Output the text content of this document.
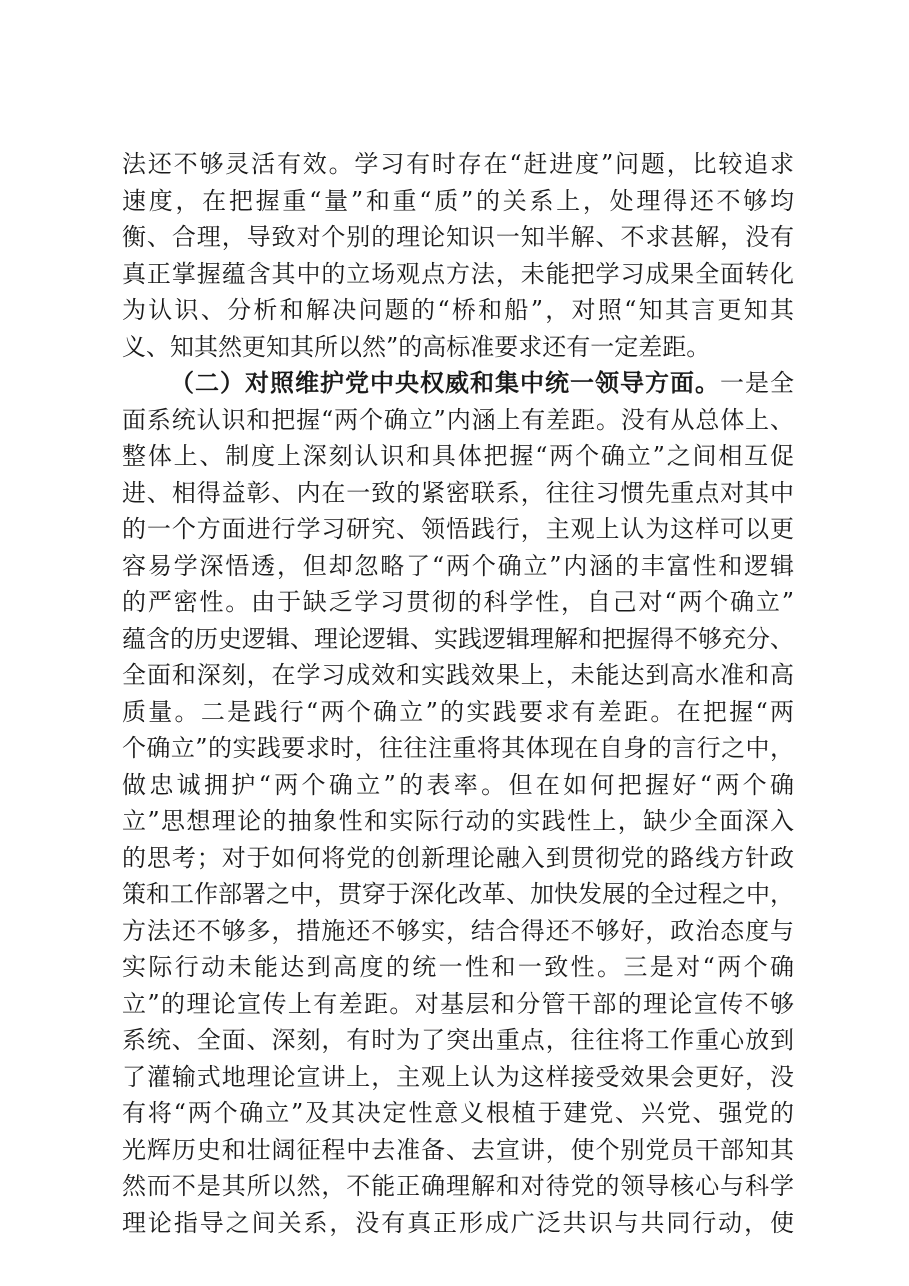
法还不够灵活有效。学习有时存在“赶进度”问题，比较追求
速度，在把握重“量”和重“质”的关系上，处理得还不够均
衡、合理，导致对个别的理论知识一知半解、不求甚解，没有
真正掌握蕴含其中的立场观点方法，未能把学习成果全面转化
为认识、分析和解决问题的“桥和船”，对照“知其言更知其
义、知其然更知其所以然”的高标准要求还有一定差距。
（二）对照维护党中央权威和集中统一领导方面。一是全
面系统认识和把握“两个确立”内涵上有差距。没有从总体上、
整体上、制度上深刻认识和具体把握“两个确立”之间相互促
进、相得益彰、内在一致的紧密联系，往往习惯先重点对其中
的一个方面进行学习研究、领悟践行，主观上认为这样可以更
容易学深悟透，但却忽略了“两个确立”内涵的丰富性和逻辑
的严密性。由于缺乏学习贯彻的科学性，自己对“两个确立”
蕴含的历史逻辑、理论逻辑、实践逻辑理解和把握得不够充分、
全面和深刻，在学习成效和实践效果上，未能达到高水准和高
质量。二是践行“两个确立”的实践要求有差距。在把握“两
个确立”的实践要求时，往往注重将其体现在自身的言行之中，
做忠诚拥护“两个确立”的表率。但在如何把握好“两个确
立”思想理论的抽象性和实际行动的实践性上，缺少全面深入
的思考；对于如何将党的创新理论融入到贯彻党的路线方针政
策和工作部署之中，贯穿于深化改革、加快发展的全过程之中，
方法还不够多，措施还不够实，结合得还不够好，政治态度与
实际行动未能达到高度的统一性和一致性。三是对“两个确
立”的理论宣传上有差距。对基层和分管干部的理论宣传不够
系统、全面、深刻，有时为了突出重点，往往将工作重心放到
了灌输式地理论宣讲上，主观上认为这样接受效果会更好，没
有将“两个确立”及其决定性意义根植于建党、兴党、强党的
光辉历史和壮阔征程中去准备、去宣讲，使个别党员干部知其
然而不是其所以然，不能正确理解和对待党的领导核心与科学
理论指导之间关系，没有真正形成广泛共识与共同行动，使
